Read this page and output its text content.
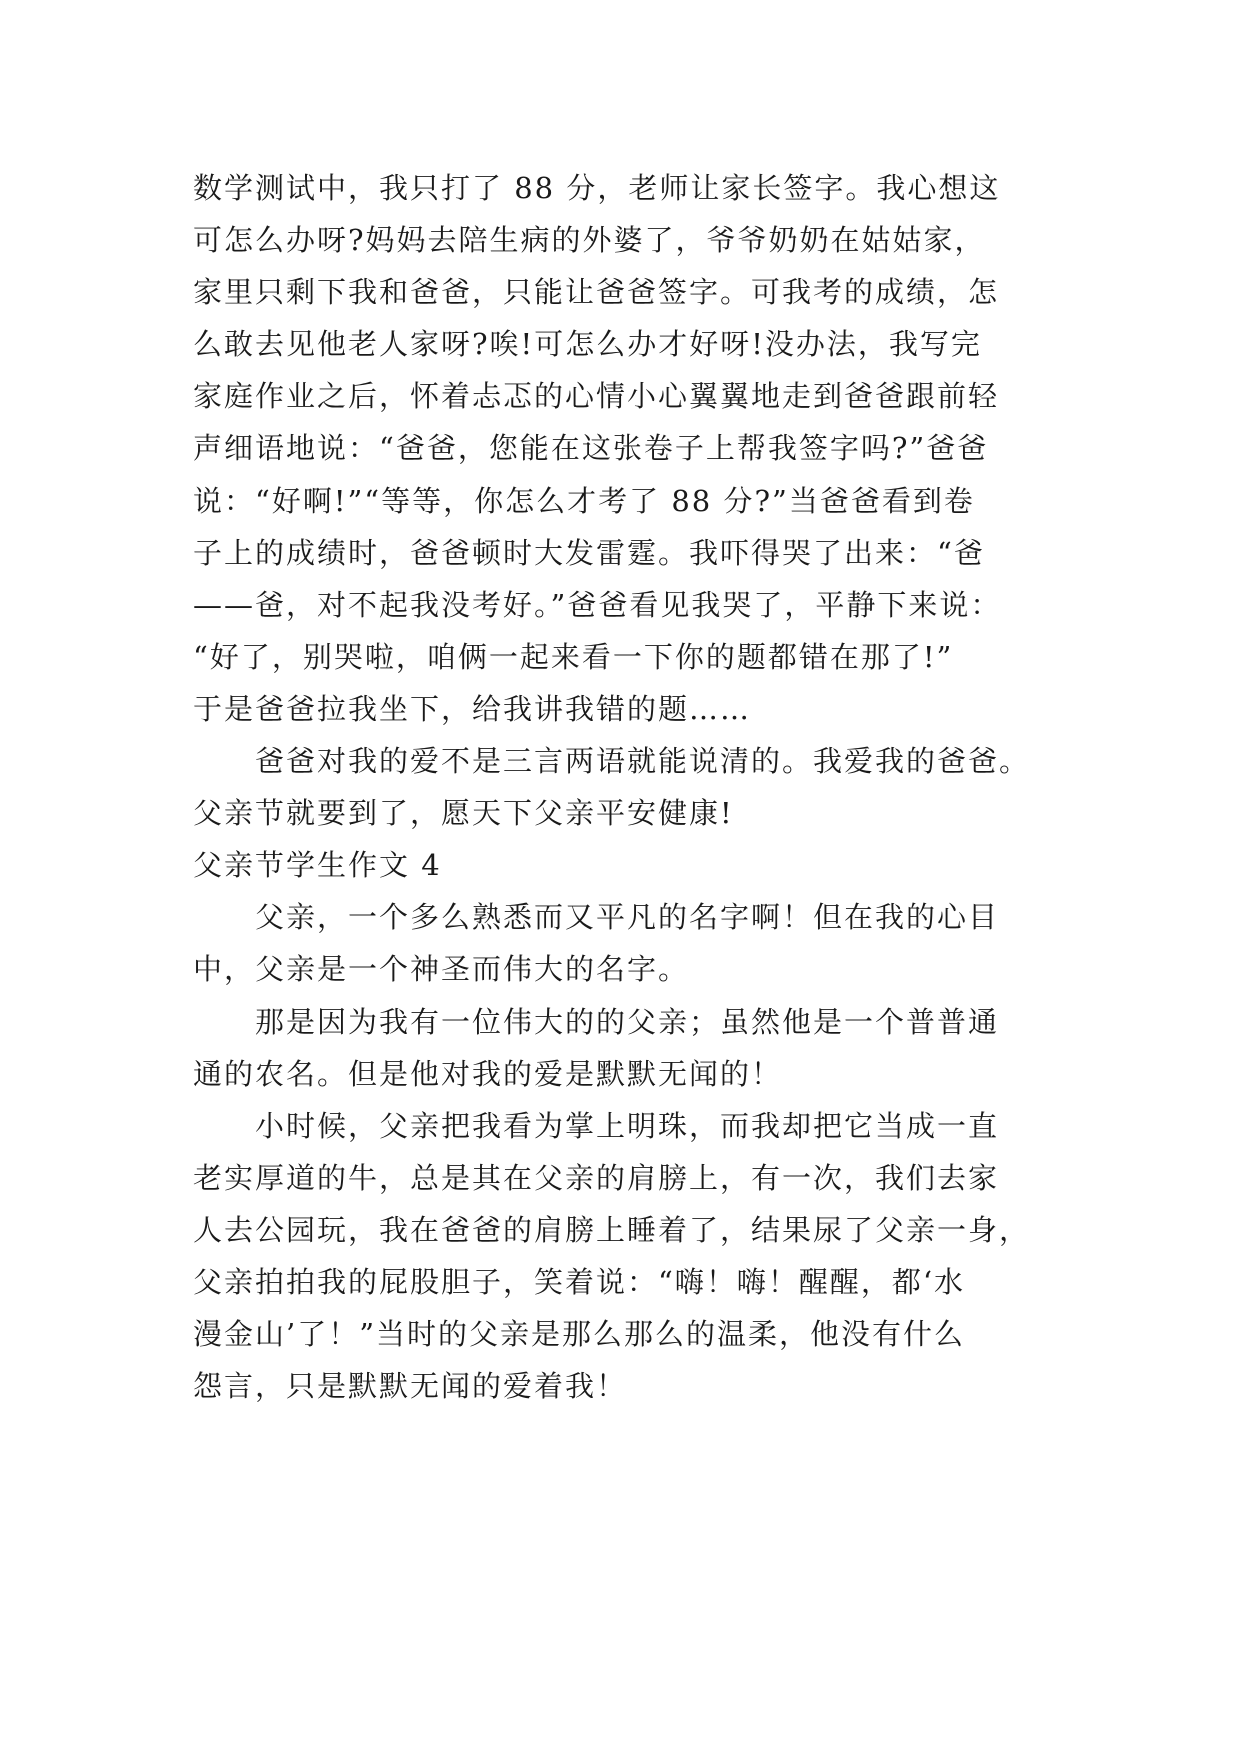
数学测试中，我只打了 88 分，老师让家长签字。我心想这
可怎么办呀?妈妈去陪生病的外婆了，爷爷奶奶在姑姑家，
家里只剩下我和爸爸，只能让爸爸签字。可我考的成绩，怎
么敢去见他老人家呀?唉!可怎么办才好呀!没办法，我写完
家庭作业之后，怀着忐忑的心情小心翼翼地走到爸爸跟前轻
声细语地说：“爸爸，您能在这张卷子上帮我签字吗?”爸爸
说：“好啊!”“等等，你怎么才考了 88 分?”当爸爸看到卷
子上的成绩时，爸爸顿时大发雷霆。我吓得哭了出来：“爸
——爸，对不起我没考好。”爸爸看见我哭了，平静下来说：
“好了，别哭啦，咱俩一起来看一下你的题都错在那了!”
于是爸爸拉我坐下，给我讲我错的题……
爸爸对我的爱不是三言两语就能说清的。我爱我的爸爸。
父亲节就要到了，愿天下父亲平安健康!
父亲节学生作文 4
父亲，一个多么熟悉而又平凡的名字啊！但在我的心目
中，父亲是一个神圣而伟大的名字。
那是因为我有一位伟大的的父亲；虽然他是一个普普通
通的农名。但是他对我的爱是默默无闻的！
小时候，父亲把我看为掌上明珠，而我却把它当成一直
老实厚道的牛，总是其在父亲的肩膀上，有一次，我们去家
人去公园玩，我在爸爸的肩膀上睡着了，结果尿了父亲一身，
父亲拍拍我的屁股胆子，笑着说：“嗨！嗨！醒醒，都‘水
漫金山’了！”当时的父亲是那么那么的温柔，他没有什么
怨言，只是默默无闻的爱着我！
